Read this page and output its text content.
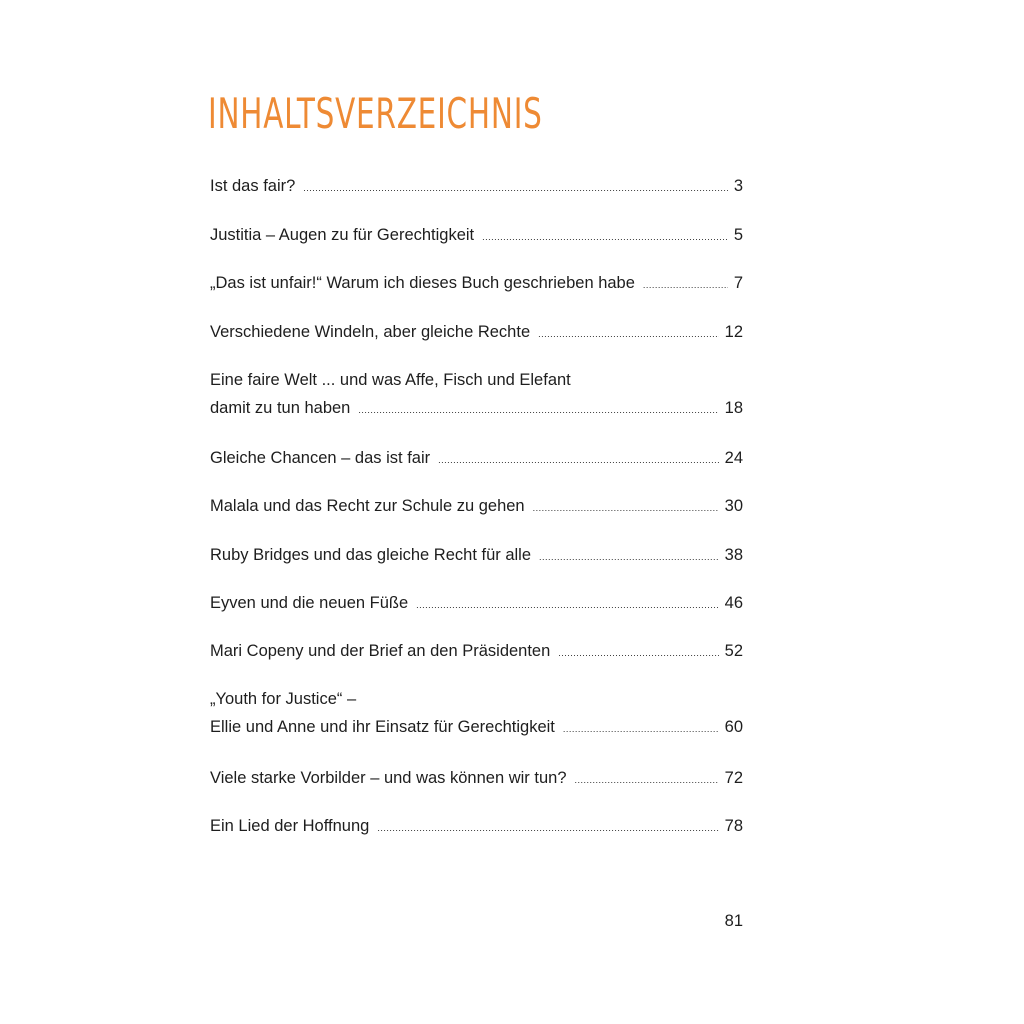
INHALTSVERZEICHNIS
Ist das fair? .....	3
Justitia – Augen zu für Gerechtigkeit .....	5
„Das ist unfair!“ Warum ich dieses Buch geschrieben habe .....	7
Verschiedene Windeln, aber gleiche Rechte .....	12
Eine faire Welt ... und was Affe, Fisch und Elefant
damit zu tun haben .....	18
Gleiche Chancen – das ist fair .....	24
Malala und das Recht zur Schule zu gehen .....	30
Ruby Bridges und das gleiche Recht für alle .....	38
Eyven und die neuen Füße .....	46
Mari Copeny und der Brief an den Präsidenten .....	52
„Youth for Justice“ –
Ellie und Anne und ihr Einsatz für Gerechtigkeit .....	60
Viele starke Vorbilder – und was können wir tun? .....	72
Ein Lied der Hoffnung .....	78
81
